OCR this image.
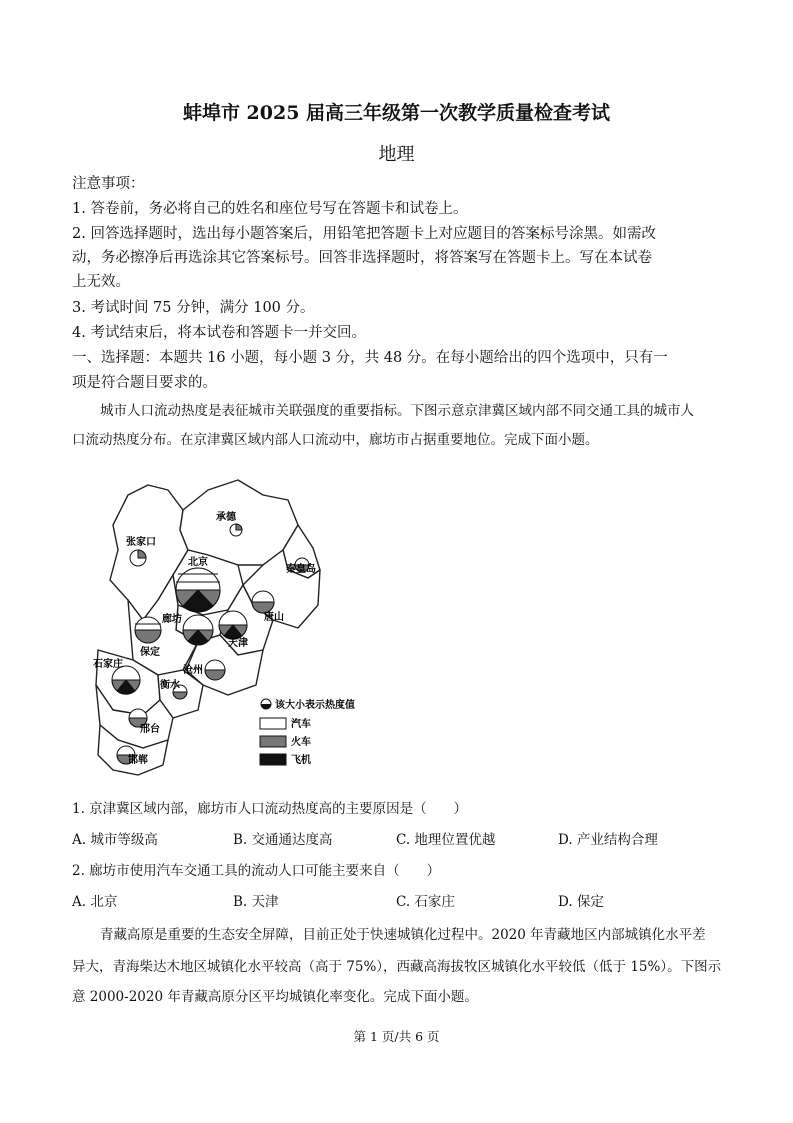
蚌埠市 2025 届高三年级第一次教学质量检查考试
地理
注意事项：
1. 答卷前，务必将自己的姓名和座位号写在答题卡和试卷上。
2. 回答选择题时，选出每小题答案后，用铅笔把答题卡上对应题目的答案标号涂黑。如需改
动，务必擦净后再选涂其它答案标号。回答非选择题时，将答案写在答题卡上。写在本试卷
上无效。
3. 考试时间 75 分钟，满分 100 分。
4. 考试结束后，将本试卷和答题卡一并交回。
一、选择题：本题共 16 小题，每小题 3 分，共 48 分。在每小题给出的四个选项中，只有一
项是符合题目要求的。
城市人口流动热度是表征城市关联强度的重要指标。下图示意京津冀区域内部不同交通工具的城市人
口流动热度分布。在京津冀区域内部人口流动中，廊坊市占据重要地位。完成下面小题。
张家口
承德
北京
秦皇岛
唐山
廊坊
天津
保定
石家庄
沧州
衡水
邢台
邯郸
该大小表示热度值
汽车
火车
飞机
1. 京津冀区域内部，廊坊市人口流动热度高的主要原因是（　　）
A. 城市等级高	B. 交通通达度高	C. 地理位置优越	D. 产业结构合理
2. 廊坊市使用汽车交通工具的流动人口可能主要来自（　　）
A. 北京	B. 天津	C. 石家庄	D. 保定
青藏高原是重要的生态安全屏障，目前正处于快速城镇化过程中。2020 年青藏地区内部城镇化水平差
异大，青海柴达木地区城镇化水平较高（高于 75%），西藏高海拔牧区城镇化水平较低（低于 15%）。下图示
意 2000-2020 年青藏高原分区平均城镇化率变化。完成下面小题。
第 1 页/共 6 页
